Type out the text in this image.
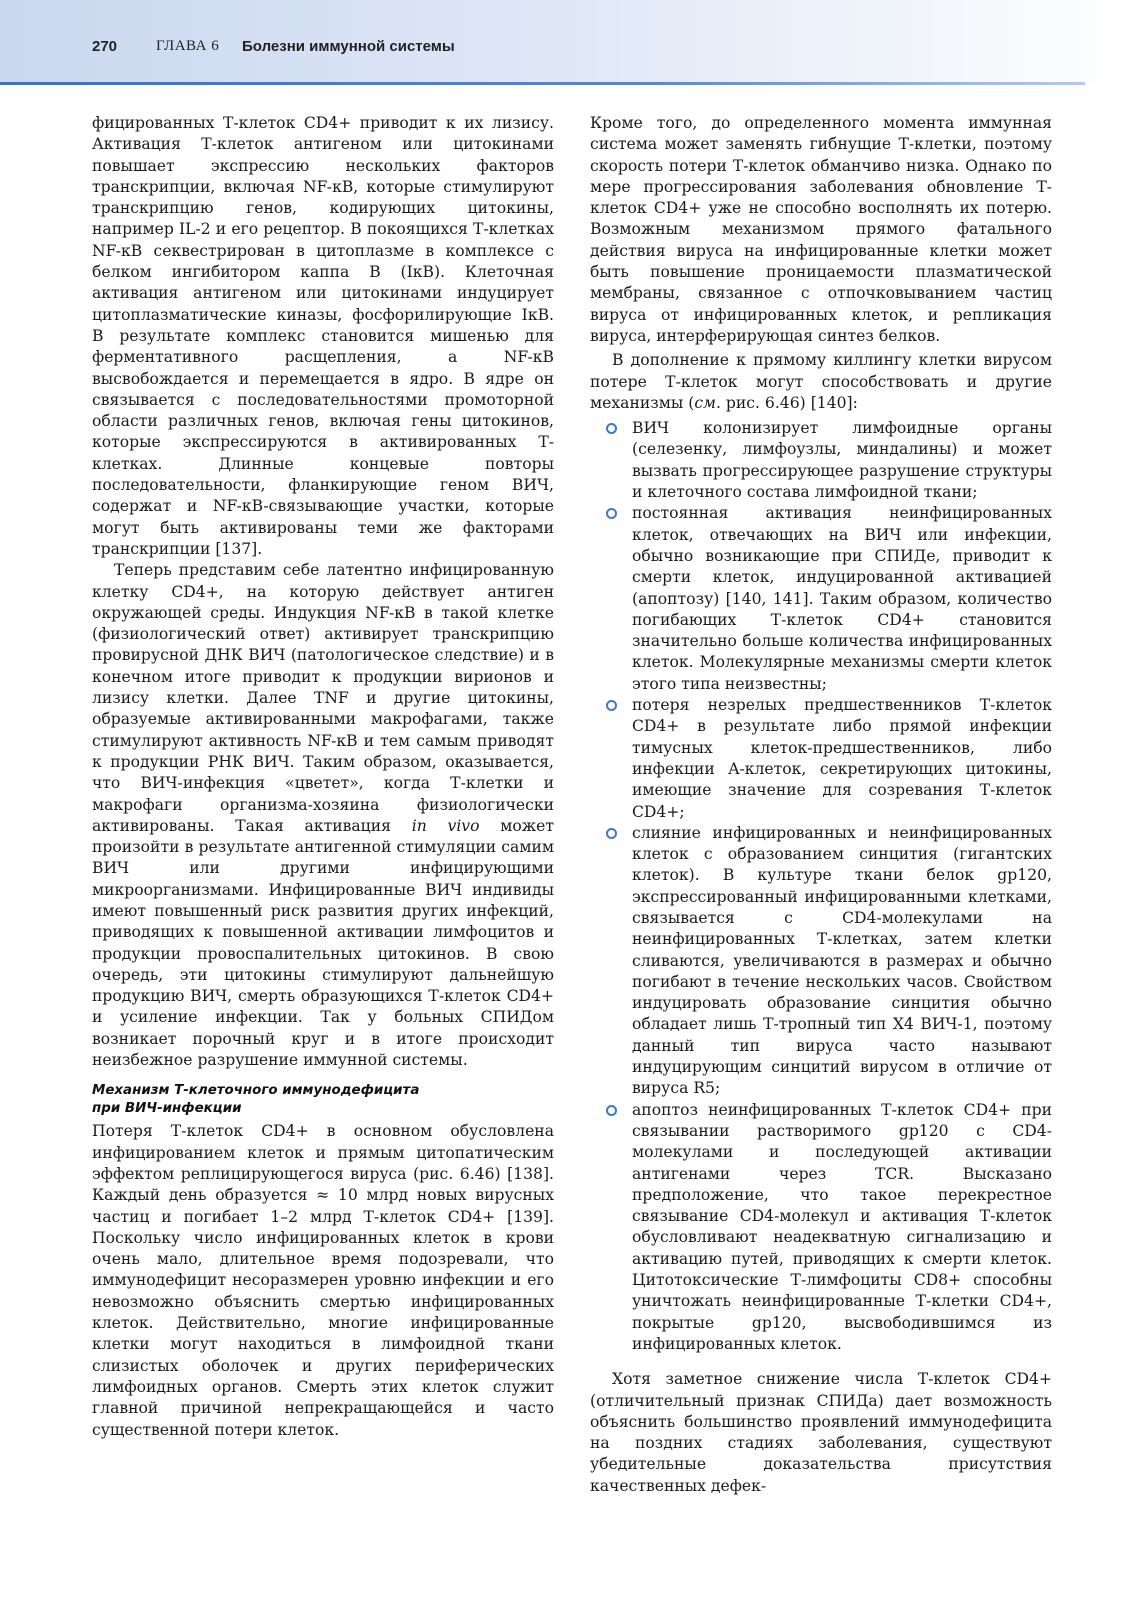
270	ГЛАВА 6 Болезни иммунной системы

фицированных Т-клеток CD4+ приводит к их лизису. Активация Т-клеток антигеном или цитокинами повышает экспрессию нескольких факторов транскрипции, включая NF-κB, которые стимулируют транскрипцию генов, кодирующих цитокины, например IL-2 и его рецептор. В покоящихся Т-клетках NF-κB секвестрирован в цитоплазме в комплексе с белком ингибитором каппа B (IκB). Клеточная активация антигеном или цитокинами индуцирует цитоплазматические киназы, фосфорилирующие IκB. В результате комплекс становится мишенью для ферментативного расщепления, а NF-κB высвобождается и перемещается в ядро. В ядре он связывается с последовательностями промоторной области различных генов, включая гены цитокинов, которые экспрессируются в активированных Т-клетках. Длинные концевые повторы последовательности, фланкирующие геном ВИЧ, содержат и NF-κB-связывающие участки, которые могут быть активированы теми же факторами транскрипции [137].

Теперь представим себе латентно инфицированную клетку CD4+, на которую действует антиген окружающей среды. Индукция NF-κB в такой клетке (физиологический ответ) активирует транскрипцию провирусной ДНК ВИЧ (патологическое следствие) и в конечном итоге приводит к продукции вирионов и лизису клетки. Далее TNF и другие цитокины, образуемые активированными макрофагами, также стимулируют активность NF-κB и тем самым приводят к продукции РНК ВИЧ. Таким образом, оказывается, что ВИЧ-инфекция «цветет», когда Т-клетки и макрофаги организма-хозяина физиологически активированы. Такая активация in vivo может произойти в результате антигенной стимуляции самим ВИЧ или другими инфицирующими микроорганизмами. Инфицированные ВИЧ индивиды имеют повышенный риск развития других инфекций, приводящих к повышенной активации лимфоцитов и продукции провоспалительных цитокинов. В свою очередь, эти цитокины стимулируют дальнейшую продукцию ВИЧ, смерть образующихся Т-клеток CD4+ и усиление инфекции. Так у больных СПИДом возникает порочный круг и в итоге происходит неизбежное разрушение иммунной системы.

Механизм Т-клеточного иммунодефицита
при ВИЧ-инфекции

Потеря Т-клеток CD4+ в основном обусловлена инфицированием клеток и прямым цитопатическим эффектом реплицирующегося вируса (рис. 6.46) [138]. Каждый день образуется ≈ 10 млрд новых вирусных частиц и погибает 1–2 млрд Т-клеток CD4+ [139]. Поскольку число инфицированных клеток в крови очень мало, длительное время подозревали, что иммунодефицит несоразмерен уровню инфекции и его невозможно объяснить смертью инфицированных клеток. Действительно, многие инфицированные клетки могут находиться в лимфоидной ткани слизистых оболочек и других периферических лимфоидных органов. Смерть этих клеток служит главной причиной непрекращающейся и часто существенной потери клеток.

Кроме того, до определенного момента иммунная система может заменять гибнущие Т-клетки, поэтому скорость потери Т-клеток обманчиво низка. Однако по мере прогрессирования заболевания обновление Т-клеток CD4+ уже не способно восполнять их потерю. Возможным механизмом прямого фатального действия вируса на инфицированные клетки может быть повышение проницаемости плазматической мембраны, связанное с отпочковыванием частиц вируса от инфицированных клеток, и репликация вируса, интерферирующая синтез белков.

В дополнение к прямому киллингу клетки вирусом потере Т-клеток могут способствовать и другие механизмы (см. рис. 6.46) [140]:

ВИЧ колонизирует лимфоидные органы (селезенку, лимфоузлы, миндалины) и может вызвать прогрессирующее разрушение структуры и клеточного состава лимфоидной ткани;
постоянная активация неинфицированных клеток, отвечающих на ВИЧ или инфекции, обычно возникающие при СПИДе, приводит к смерти клеток, индуцированной активацией (апоптозу) [140, 141]. Таким образом, количество погибающих Т-клеток CD4+ становится значительно больше количества инфицированных клеток. Молекулярные механизмы смерти клеток этого типа неизвестны;
потеря незрелых предшественников Т-клеток CD4+ в результате либо прямой инфекции тимусных клеток-предшественников, либо инфекции A-клеток, секретирующих цитокины, имеющие значение для созревания Т-клеток CD4+;
слияние инфицированных и неинфицированных клеток с образованием синцития (гигантских клеток). В культуре ткани белок gp120, экспрессированный инфицированными клетками, связывается с CD4-молекулами на неинфицированных Т-клетках, затем клетки сливаются, увеличиваются в размерах и обычно погибают в течение нескольких часов. Свойством индуцировать образование синцития обычно обладает лишь Т-тропный тип X4 ВИЧ-1, поэтому данный тип вируса часто называют индуцирующим синцитий вирусом в отличие от вируса R5;
апоптоз неинфицированных Т-клеток CD4+ при связывании растворимого gp120 с CD4-молекулами и последующей активации антигенами через TCR. Высказано предположение, что такое перекрестное связывание CD4-молекул и активация Т-клеток обусловливают неадекватную сигнализацию и активацию путей, приводящих к смерти клеток. Цитотоксические Т-лимфоциты CD8+ способны уничтожать неинфицированные Т-клетки CD4+, покрытые gp120, высвободившимся из инфицированных клеток.

Хотя заметное снижение числа Т-клеток CD4+ (отличительный признак СПИДа) дает возможность объяснить большинство проявлений иммунодефицита на поздних стадиях заболевания, существуют убедительные доказательства присутствия качественных дефек-
